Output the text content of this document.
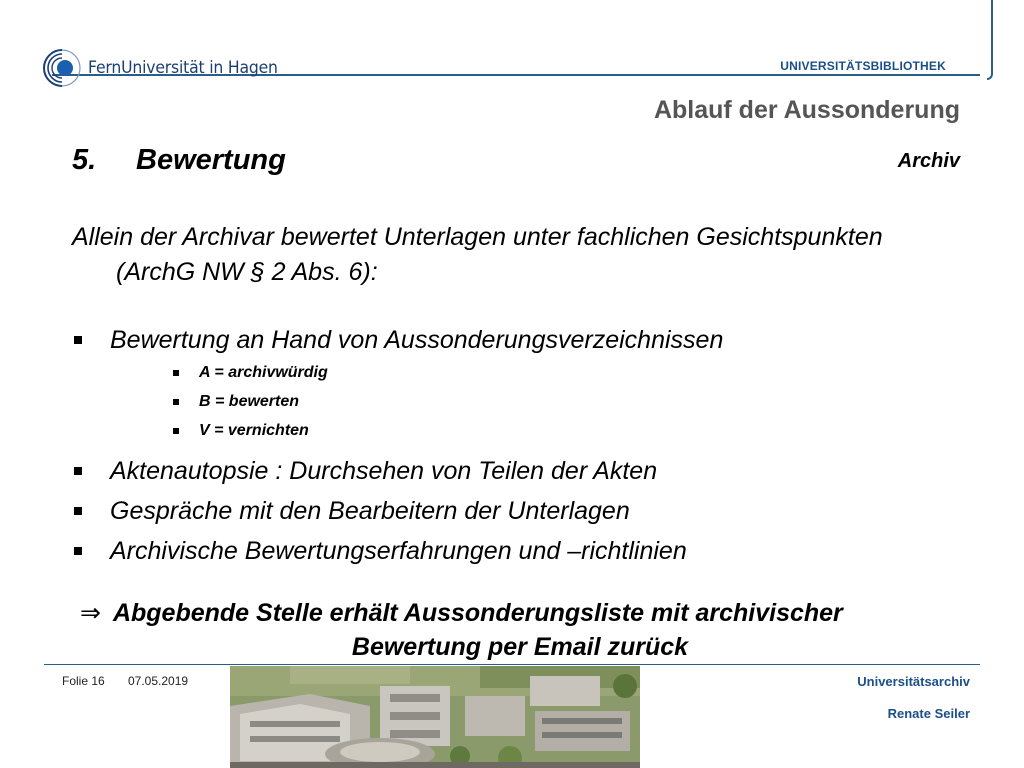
FernUniversität in Hagen	UNIVERSITÄTSBIBLIOTHEK
Ablauf der Aussonderung
5. Bewertung	Archiv
Allein der Archivar bewertet Unterlagen unter fachlichen Gesichtspunkten (ArchG NW § 2 Abs. 6):
Bewertung an Hand von Aussonderungsverzeichnissen
A = archivwürdig
B = bewerten
V = vernichten
Aktenautopsie : Durchsehen von Teilen der Akten
Gespräche mit den Bearbeitern der Unterlagen
Archivische Bewertungserfahrungen und –richtlinien
⇒ Abgebende Stelle erhält Aussonderungsliste mit archivischer
Bewertung per Email zurück
Folie 16 07.05.2019	Universitätsarchiv
Renate Seiler
